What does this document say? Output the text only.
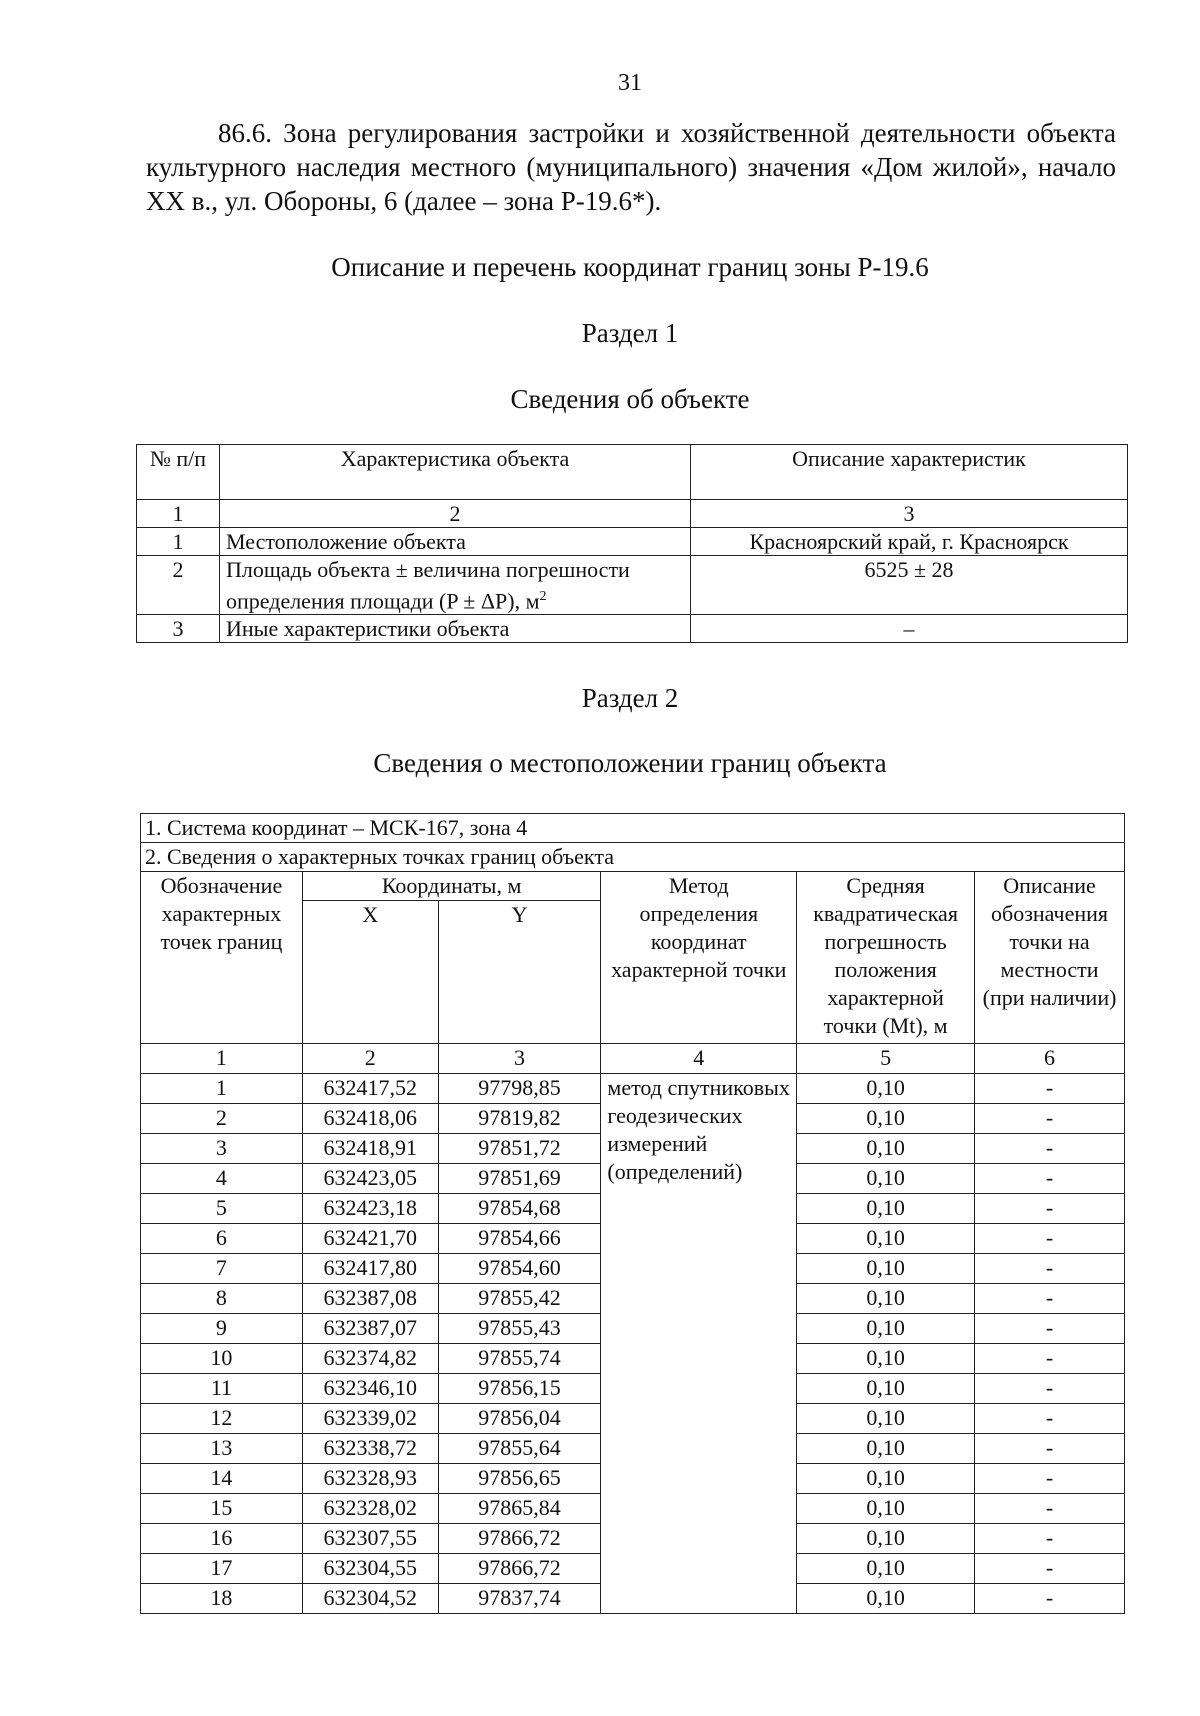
31
86.6. Зона регулирования застройки и хозяйственной деятельности объекта культурного наследия местного (муниципального) значения «Дом жилой», начало XX в., ул. Обороны, 6 (далее – зона Р-19.6*).
Описание и перечень координат границ зоны Р-19.6
Раздел 1
Сведения об объекте
№ п/п	Характеристика объекта	Описание характеристик
1	2	3
1	Местоположение объекта	Красноярский край, г. Красноярск
2	Площадь объекта ± величина погрешности определения площади (P ± ΔP), $м^2$	6525 ± 28
3	Иные характеристики объекта	–
Раздел 2
Сведения о местоположении границ объекта
1. Система координат – МСК-167, зона 4					
2. Сведения о характерных точках границ объекта					
Обозначение характерных точек границ	Координаты, м		Метод определения координат характерной точки	Средняя квадратическая погрешность положения характерной точки (Mt), м	Описание обозначения точки на местности (при наличии)
	X	Y			
1	2	3	4	5	6
1	632417,52	97798,85	метод спутниковых геодезических измерений (определений)	0,10	-
2	632418,06	97819,82		0,10	-
3	632418,91	97851,72		0,10	-
4	632423,05	97851,69		0,10	-
5	632423,18	97854,68		0,10	-
6	632421,70	97854,66		0,10	-
7	632417,80	97854,60		0,10	-
8	632387,08	97855,42		0,10	-
9	632387,07	97855,43		0,10	-
10	632374,82	97855,74		0,10	-
11	632346,10	97856,15		0,10	-
12	632339,02	97856,04		0,10	-
13	632338,72	97855,64		0,10	-
14	632328,93	97856,65		0,10	-
15	632328,02	97865,84		0,10	-
16	632307,55	97866,72		0,10	-
17	632304,55	97866,72		0,10	-
18	632304,52	97837,74		0,10	-
